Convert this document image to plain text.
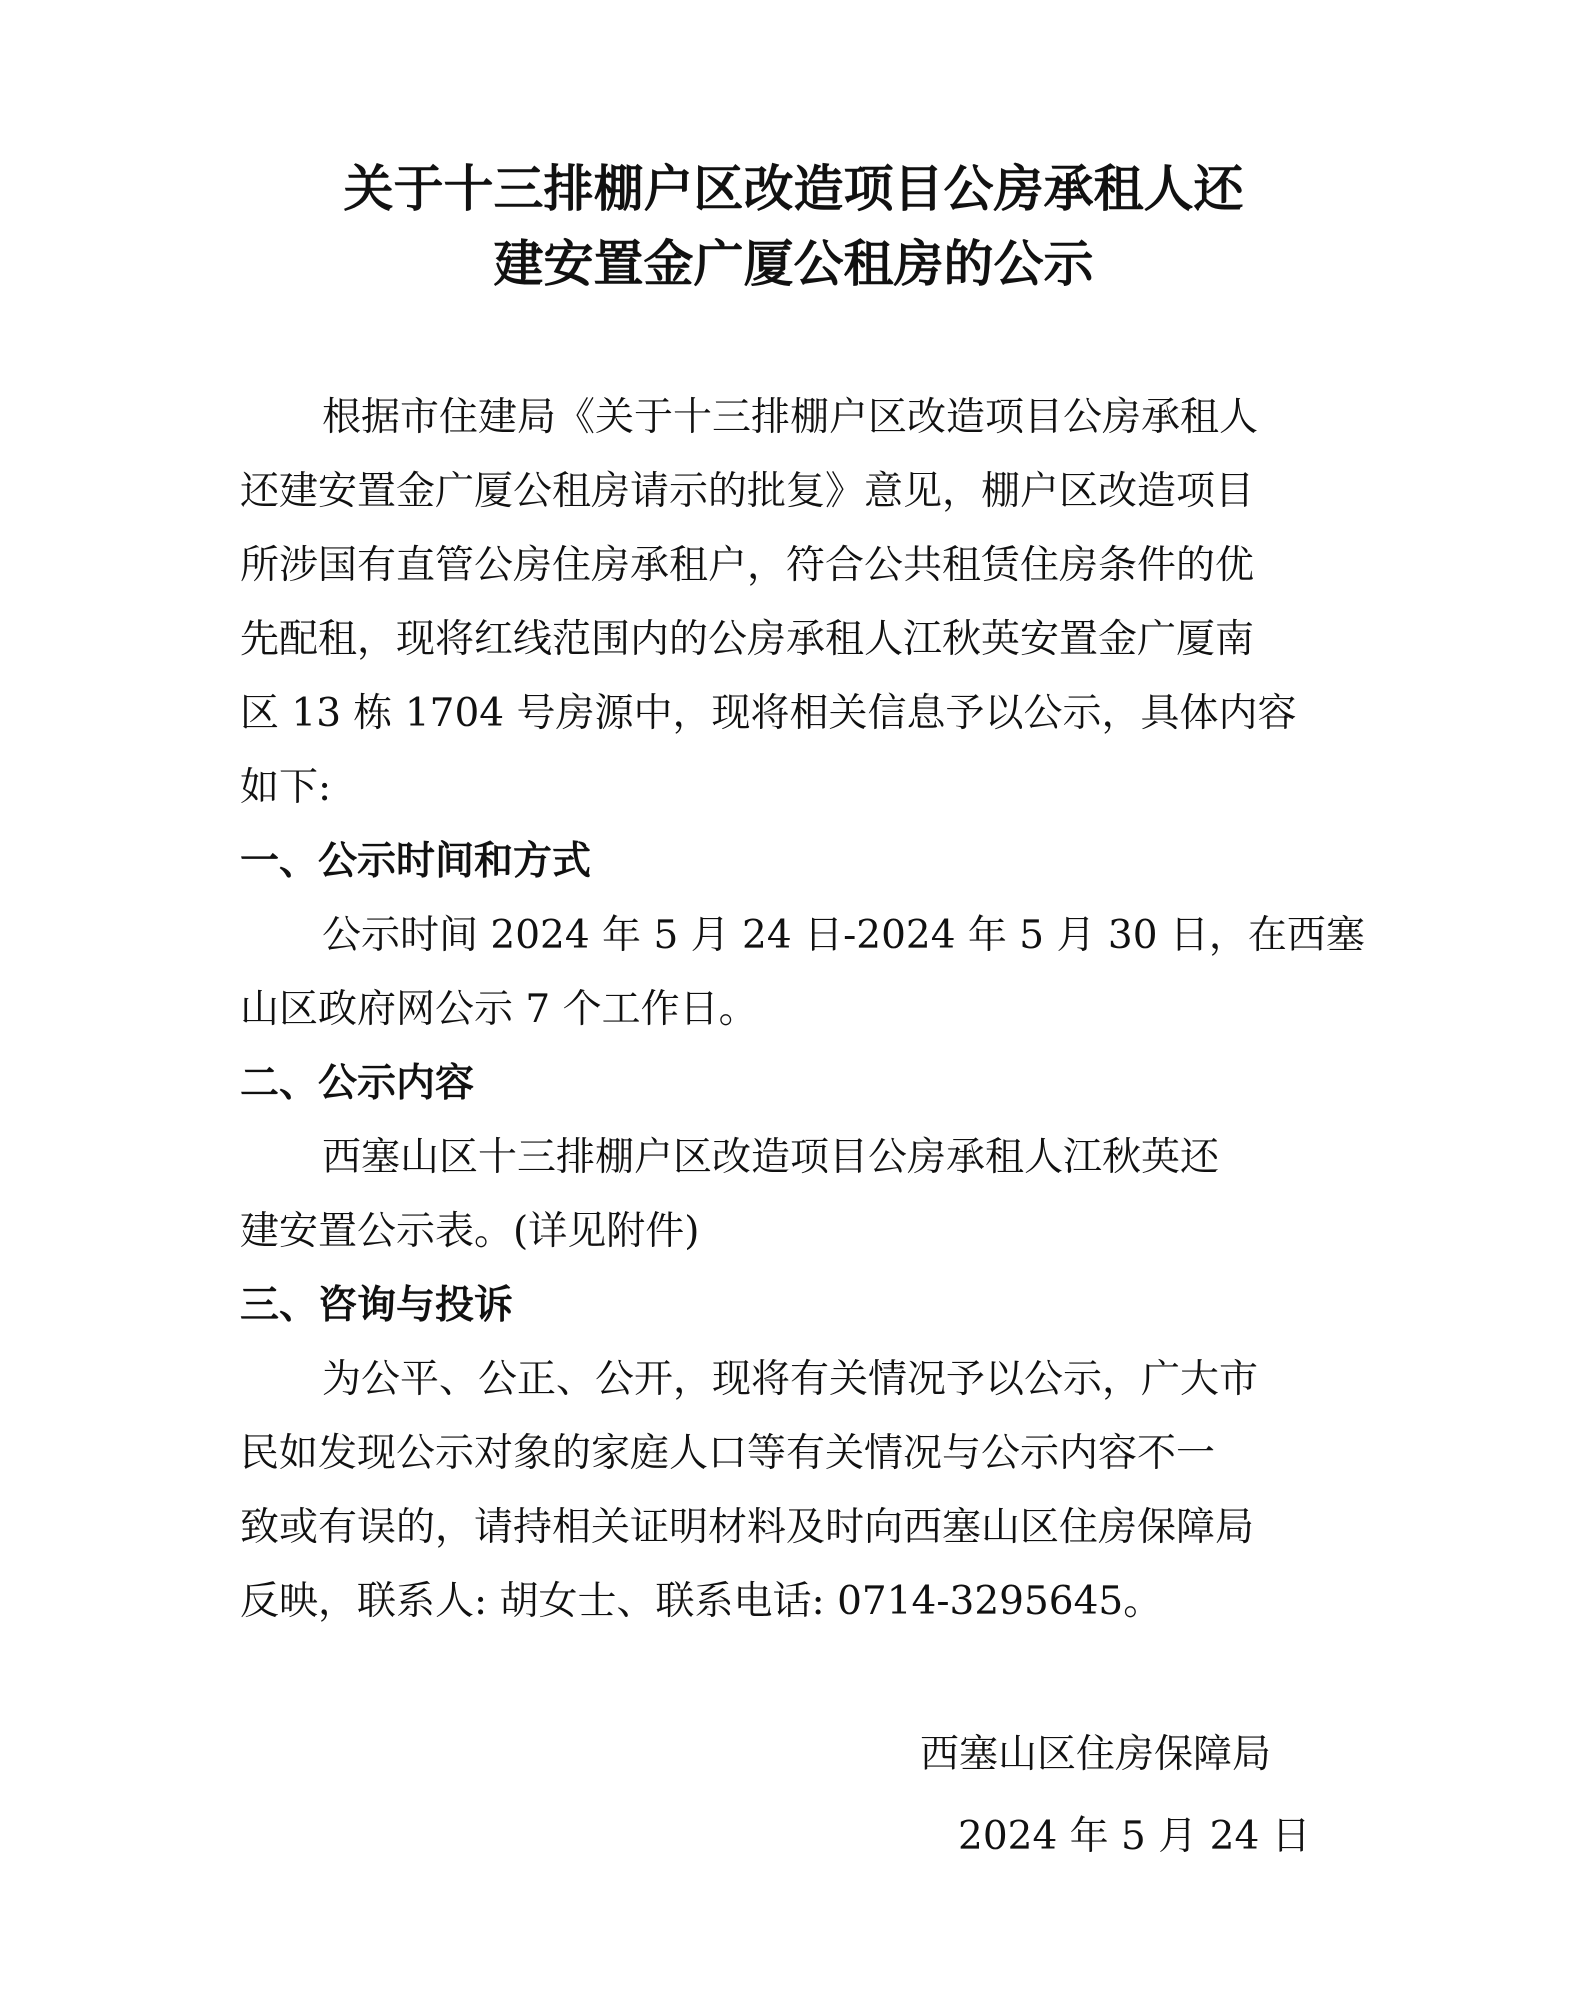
关于十三排棚户区改造项目公房承租人还
建安置金广厦公租房的公示
根据市住建局《关于十三排棚户区改造项目公房承租人
还建安置金广厦公租房请示的批复》意见，棚户区改造项目
所涉国有直管公房住房承租户，符合公共租赁住房条件的优
先配租，现将红线范围内的公房承租人江秋英安置金广厦南
区 13 栋 1704 号房源中，现将相关信息予以公示，具体内容
如下:
一、公示时间和方式
公示时间 2024 年 5 月 24 日-2024 年 5 月 30 日，在西塞
山区政府网公示 7 个工作日。
二、公示内容
西塞山区十三排棚户区改造项目公房承租人江秋英还
建安置公示表。(详见附件)
三、咨询与投诉
为公平、公正、公开，现将有关情况予以公示，广大市
民如发现公示对象的家庭人口等有关情况与公示内容不一
致或有误的，请持相关证明材料及时向西塞山区住房保障局
反映，联系人: 胡女士、联系电话: 0714-3295645。
西塞山区住房保障局
2024 年 5 月 24 日
